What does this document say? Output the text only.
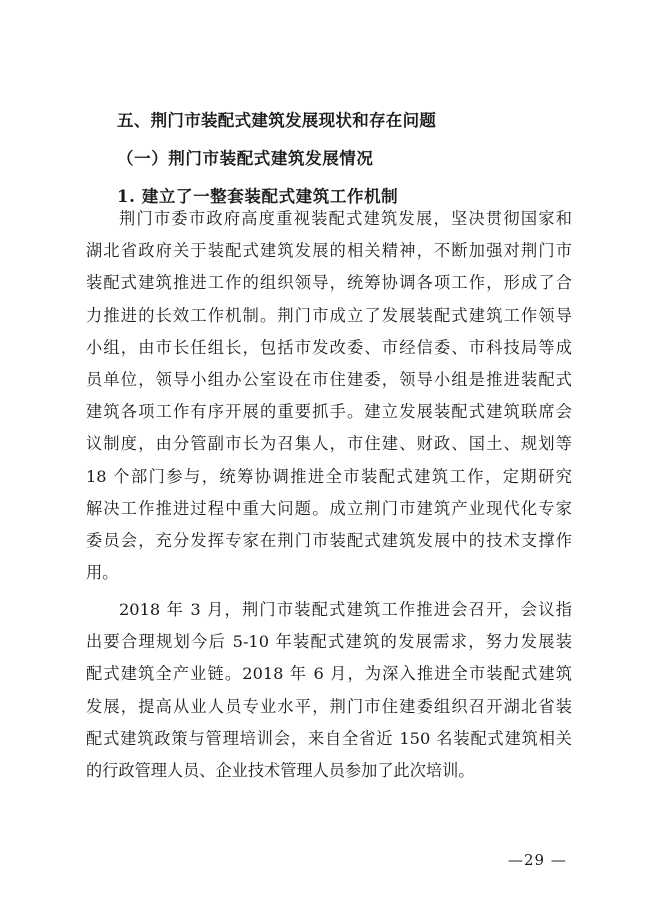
五、荆门市装配式建筑发展现状和存在问题
（一）荆门市装配式建筑发展情况
1. 建立了一整套装配式建筑工作机制
荆门市委市政府高度重视装配式建筑发展，坚决贯彻国家和
湖北省政府关于装配式建筑发展的相关精神，不断加强对荆门市
装配式建筑推进工作的组织领导，统筹协调各项工作，形成了合
力推进的长效工作机制。荆门市成立了发展装配式建筑工作领导
小组，由市长任组长，包括市发改委、市经信委、市科技局等成
员单位，领导小组办公室设在市住建委，领导小组是推进装配式
建筑各项工作有序开展的重要抓手。建立发展装配式建筑联席会
议制度，由分管副市长为召集人，市住建、财政、国土、规划等
18 个部门参与，统筹协调推进全市装配式建筑工作，定期研究
解决工作推进过程中重大问题。成立荆门市建筑产业现代化专家
委员会，充分发挥专家在荆门市装配式建筑发展中的技术支撑作
用。
2018 年 3 月，荆门市装配式建筑工作推进会召开，会议指
出要合理规划今后 5-10 年装配式建筑的发展需求，努力发展装
配式建筑全产业链。2018 年 6 月，为深入推进全市装配式建筑
发展，提高从业人员专业水平，荆门市住建委组织召开湖北省装
配式建筑政策与管理培训会，来自全省近 150 名装配式建筑相关
的行政管理人员、企业技术管理人员参加了此次培训。
—29 —
